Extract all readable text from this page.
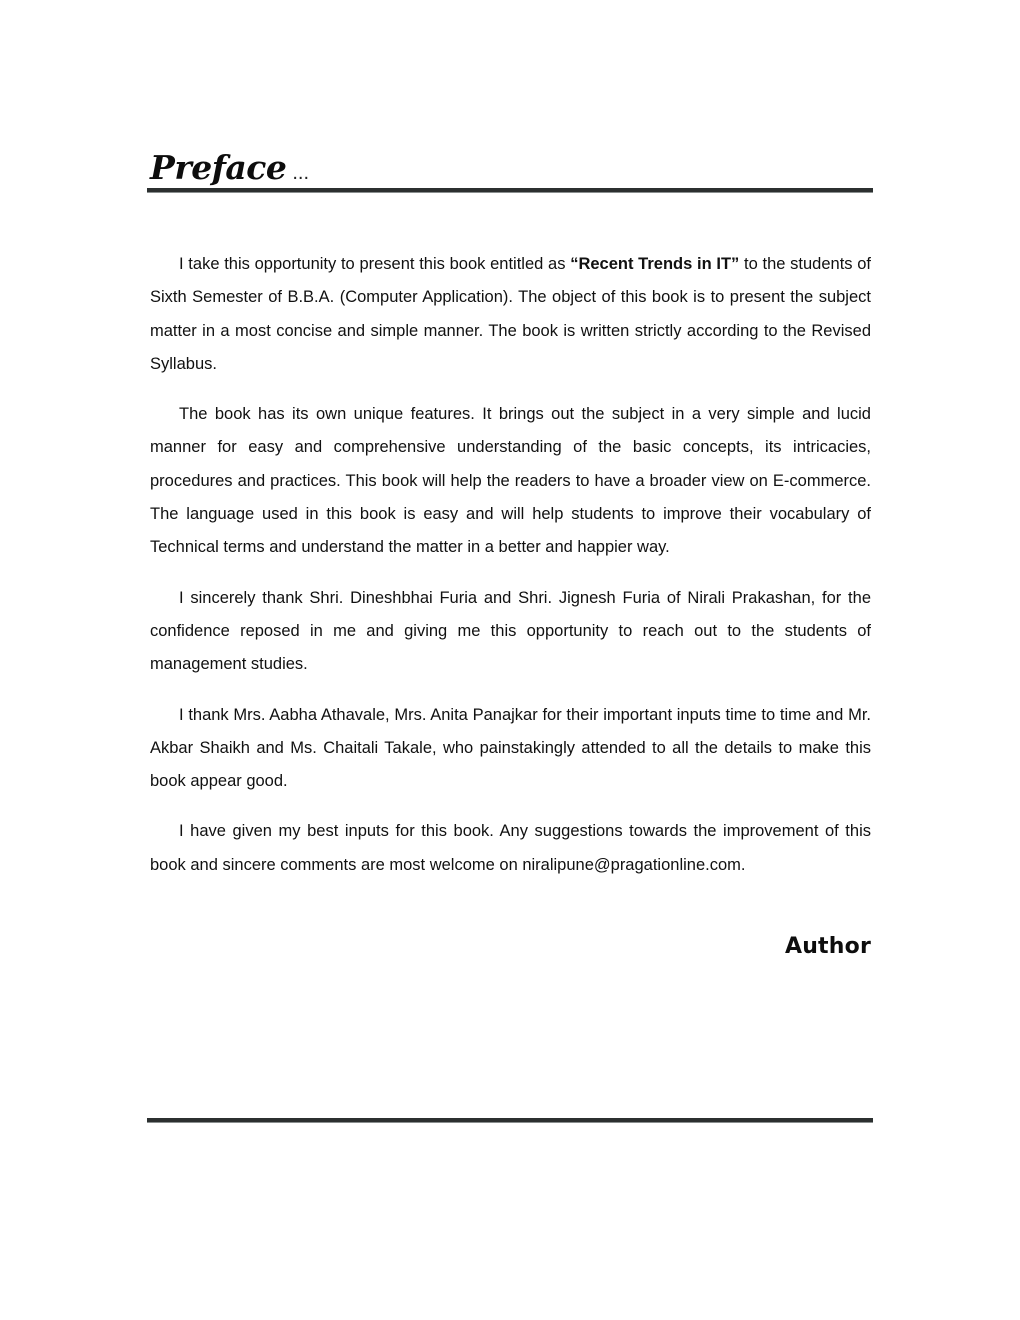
Preface ...

I take this opportunity to present this book entitled as “Recent Trends in IT” to the students of Sixth Semester of B.B.A. (Computer Application). The object of this book is to present the subject matter in a most concise and simple manner. The book is written strictly according to the Revised Syllabus.

The book has its own unique features. It brings out the subject in a very simple and lucid manner for easy and comprehensive understanding of the basic concepts, its intricacies, procedures and practices. This book will help the readers to have a broader view on E-commerce. The language used in this book is easy and will help students to improve their vocabulary of Technical terms and understand the matter in a better and happier way.

I sincerely thank Shri. Dineshbhai Furia and Shri. Jignesh Furia of Nirali Prakashan, for the confidence reposed in me and giving me this opportunity to reach out to the students of management studies.

I thank Mrs. Aabha Athavale, Mrs. Anita Panajkar for their important inputs time to time and Mr. Akbar Shaikh and Ms. Chaitali Takale, who painstakingly attended to all the details to make this book appear good.

I have given my best inputs for this book. Any suggestions towards the improvement of this book and sincere comments are most welcome on niralipune@pragationline.com.

Author
